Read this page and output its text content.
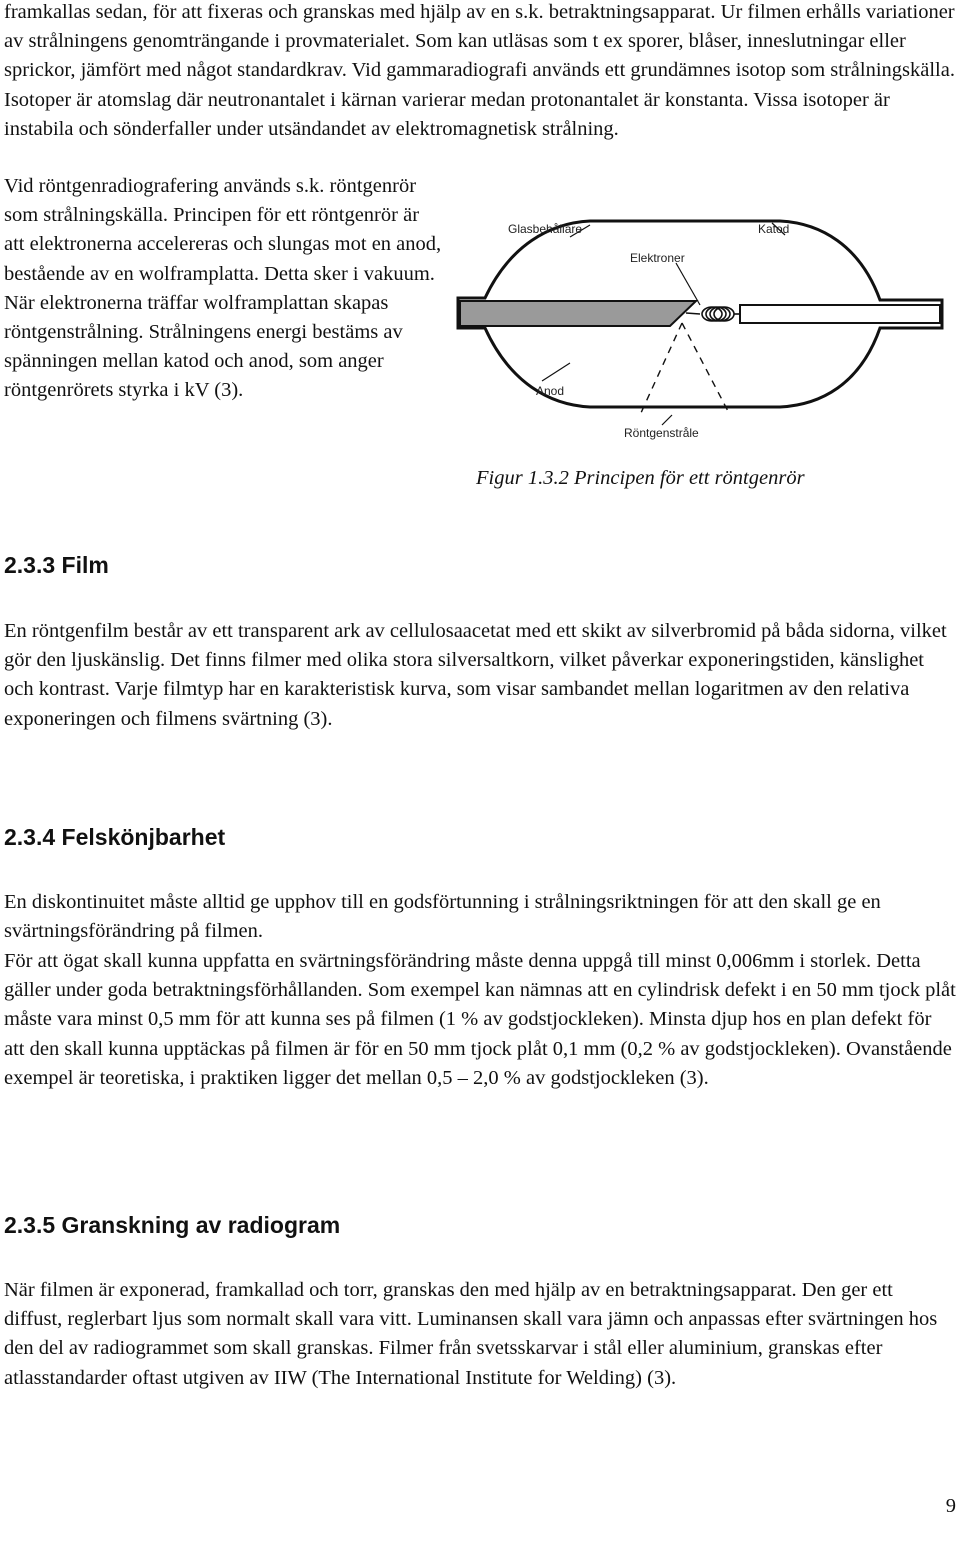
framkallas sedan, för att fixeras och granskas med hjälp av en s.k. betraktningsapparat. Ur filmen erhålls variationer av strålningens genomträngande i provmaterialet. Som kan utläsas som t ex sporer, blåser, inneslutningar eller sprickor, jämfört med något standardkrav. Vid gammaradiografi används ett grundämnes isotop som strålningskälla. Isotoper är atomslag där neutronantalet i kärnan varierar medan protonantalet är konstanta. Vissa isotoper är instabila och sönderfaller under utsändandet av elektromagnetisk strålning.

Vid röntgenradiografering används s.k. röntgenrör som strålningskälla. Principen för ett röntgenrör är att elektronerna accelereras och slungas mot en anod, bestående av en wolframplatta. Detta sker i vakuum. När elektronerna träffar wolframplattan skapas röntgenstrålning. Strålningens energi bestäms av spänningen mellan katod och anod, som anger röntgenrörets styrka i kV (3).

Glasbehållare	Katod
Elektroner
Anod
Röntgenstråle
Figur 1.3.2 Principen för ett röntgenrör
2.3.3 Film

En röntgenfilm består av ett transparent ark av cellulosaacetat med ett skikt av silverbromid på båda sidorna, vilket gör den ljuskänslig. Det finns filmer med olika stora silversaltkorn, vilket påverkar exponeringstiden, känslighet och kontrast. Varje filmtyp har en karakteristisk kurva, som visar sambandet mellan logaritmen av den relativa exponeringen och filmens svärtning (3).

2.3.4 Felskönjbarhet

En diskontinuitet måste alltid ge upphov till en godsförtunning i strålningsriktningen för att den skall ge en svärtningsförändring på filmen.

För att ögat skall kunna uppfatta en svärtningsförändring måste denna uppgå till minst 0,006mm i storlek. Detta gäller under goda betraktningsförhållanden. Som exempel kan nämnas att en cylindrisk defekt i en 50 mm tjock plåt måste vara minst 0,5 mm för att kunna ses på filmen (1 % av godstjockleken). Minsta djup hos en plan defekt för att den skall kunna upptäckas på filmen är för en 50 mm tjock plåt 0,1 mm (0,2 % av godstjockleken). Ovanstående exempel är teoretiska, i praktiken ligger det mellan 0,5 – 2,0 % av godstjockleken (3).

2.3.5 Granskning av radiogram

När filmen är exponerad, framkallad och torr, granskas den med hjälp av en betraktningsapparat. Den ger ett diffust, reglerbart ljus som normalt skall vara vitt. Luminansen skall vara jämn och anpassas efter svärtningen hos den del av radiogrammet som skall granskas. Filmer från svetsskarvar i stål eller aluminium, granskas efter atlasstandarder oftast utgiven av IIW (The International Institute for Welding) (3).

9
